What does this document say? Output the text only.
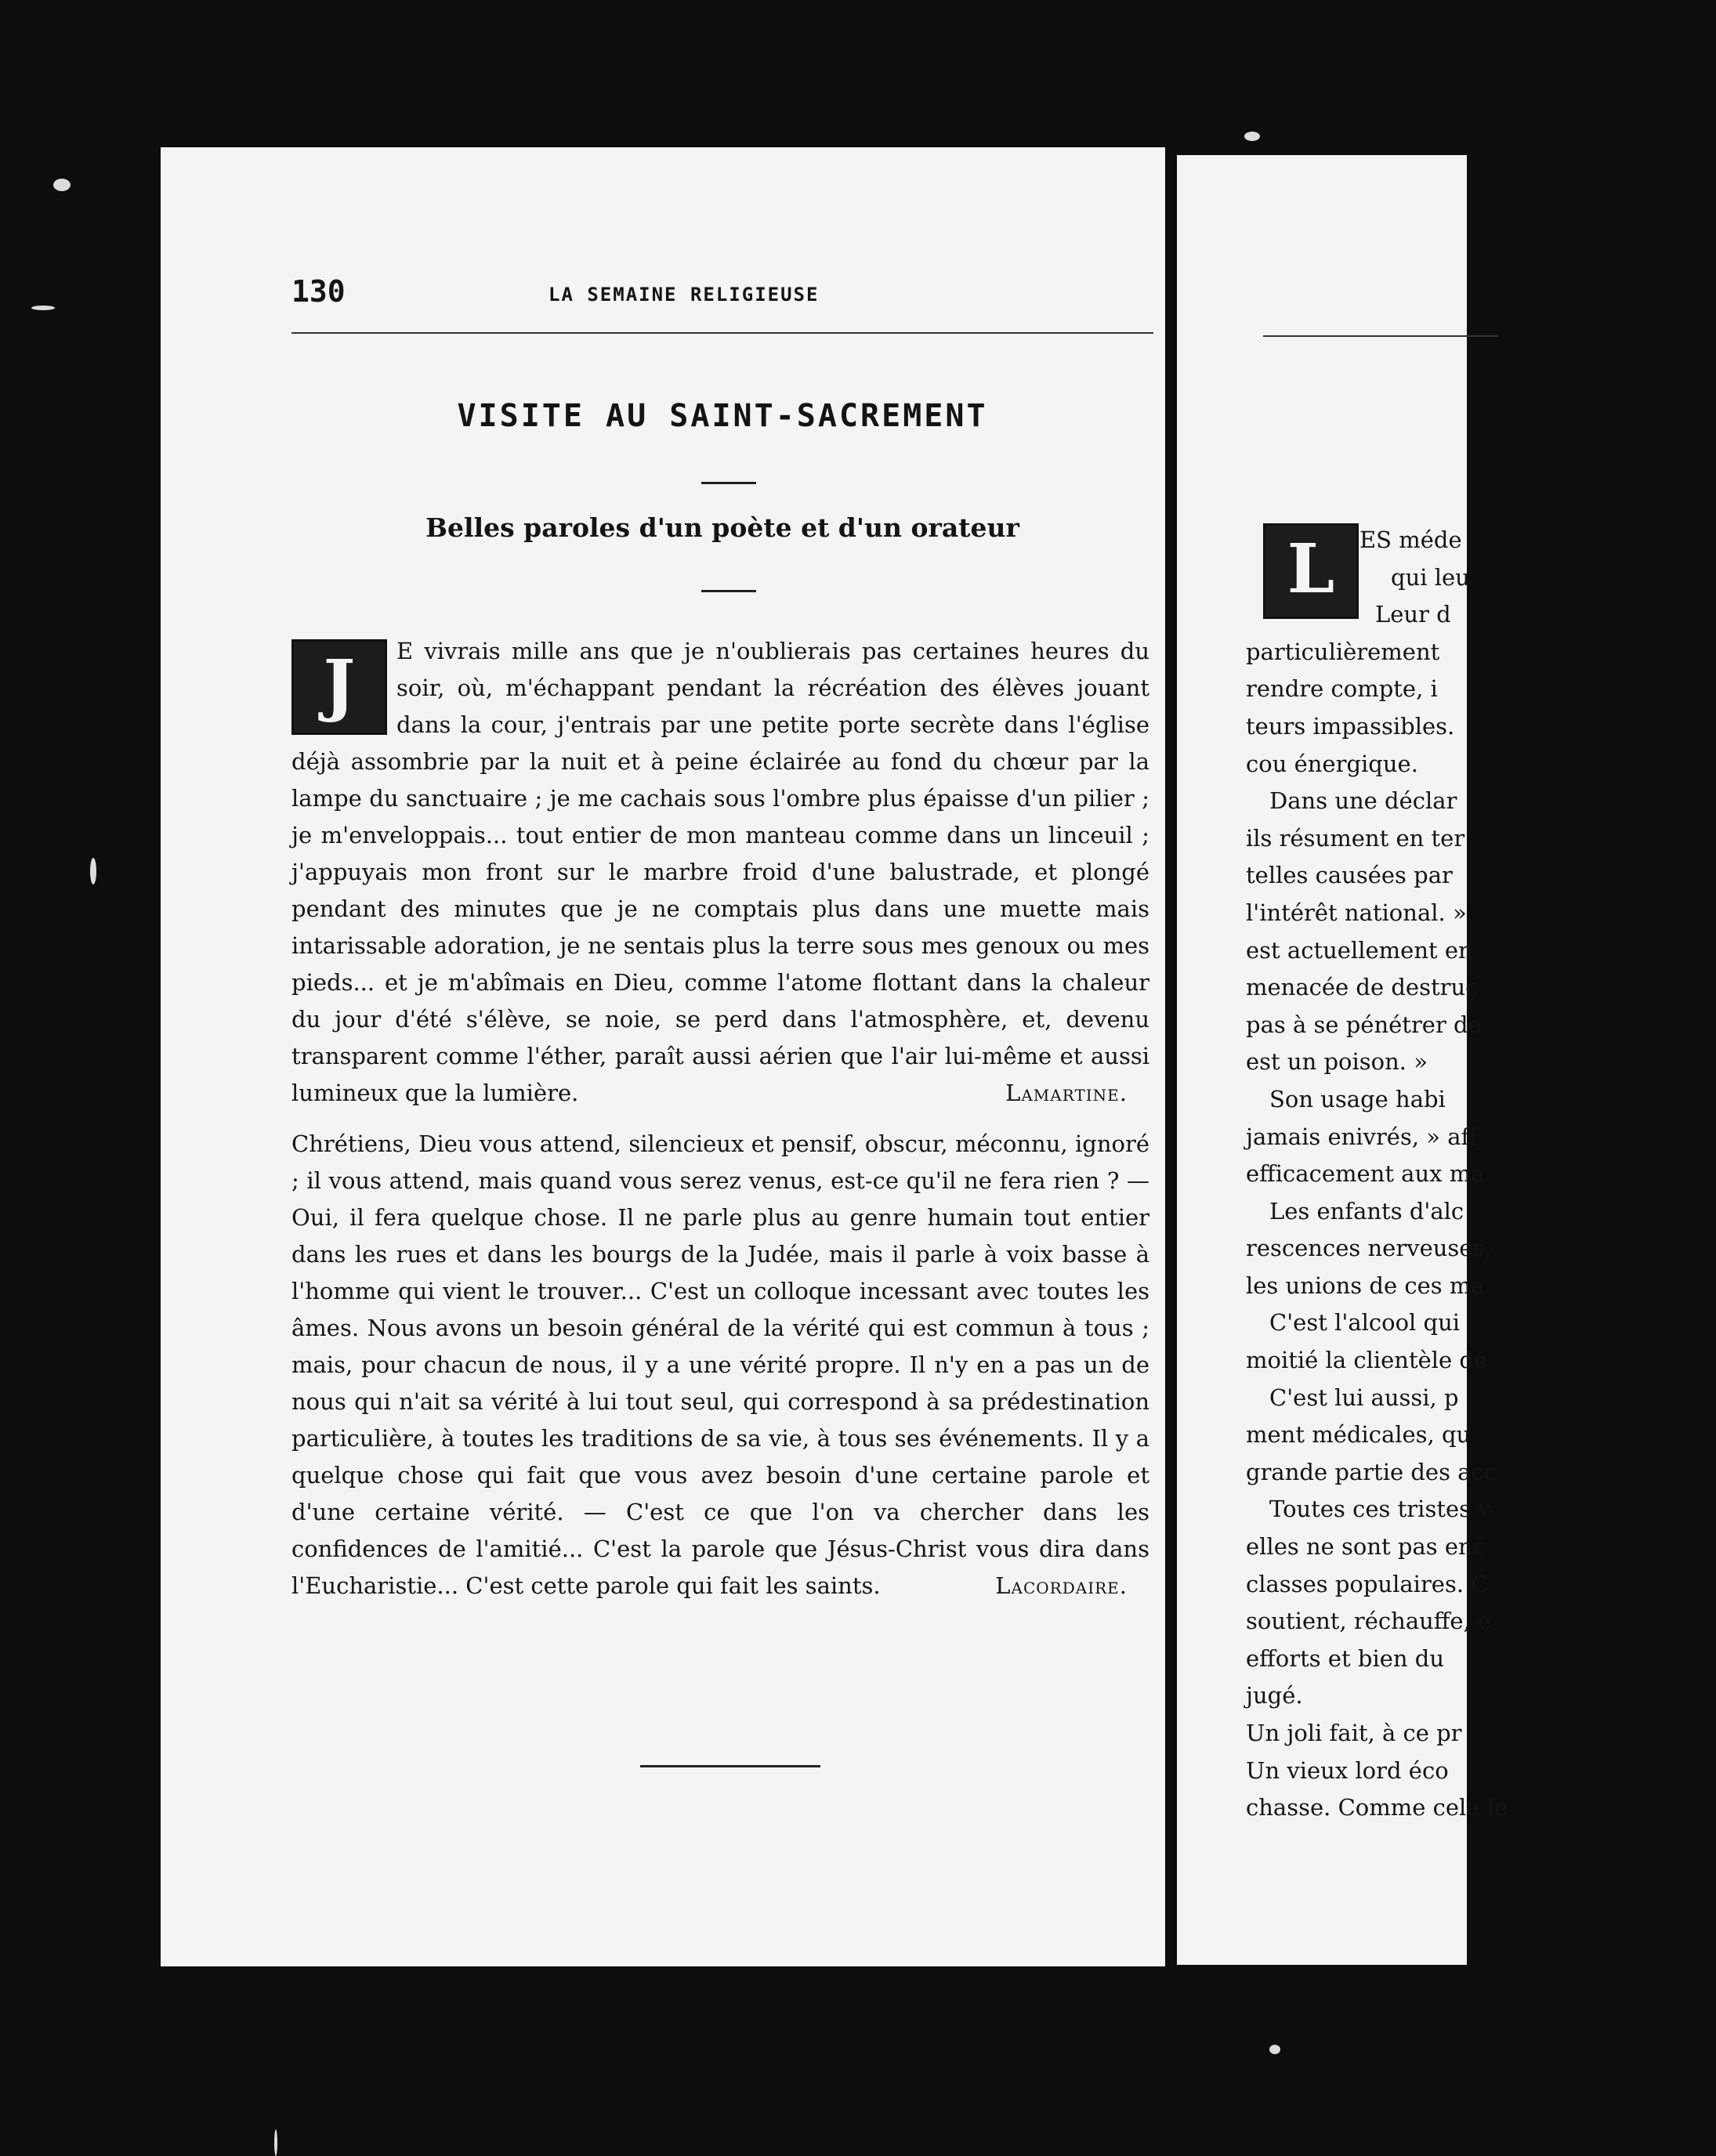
130	LA SEMAINE RELIGIEUSE
VISITE AU SAINT-SACREMENT
Belles paroles d'un poète et d'un orateur

J	E vivrais mille ans que je n'oublierais pas certaines heures du soir, où, m'échappant pendant la récréation des élèves jouant dans la cour, j'entrais par une petite porte secrète dans l'église déjà assombrie par la nuit et à peine éclairée au fond du chœur par la lampe du sanctuaire ; je me cachais sous l'ombre plus épaisse d'un pilier ; je m'enveloppais... tout entier de mon manteau comme dans un linceuil ; j'appuyais mon front sur le marbre froid d'une balustrade, et plongé pendant des minutes que je ne comptais plus dans une muette mais intarissable adoration, je ne sentais plus la terre sous mes genoux ou mes pieds... et je m'abîmais en Dieu, comme l'atome flottant dans la chaleur du jour d'été s'élève, se noie, se perd dans l'atmosphère, et, devenu transparent comme l'éther, paraît aussi aérien que l'air lui-même et aussi lumineux que la lumière.	Lamartine.

Chrétiens, Dieu vous attend, silencieux et pensif, obscur, méconnu, ignoré ; il vous attend, mais quand vous serez venus, est-ce qu'il ne fera rien ? — Oui, il fera quelque chose. Il ne parle plus au genre humain tout entier dans les rues et dans les bourgs de la Judée, mais il parle à voix basse à l'homme qui vient le trouver... C'est un colloque incessant avec toutes les âmes. Nous avons un besoin général de la vérité qui est commun à tous ; mais, pour chacun de nous, il y a une vérité propre. Il n'y en a pas un de nous qui n'ait sa vérité à lui tout seul, qui correspond à sa prédestination particulière, à toutes les traditions de sa vie, à tous ses événements. Il y a quelque chose qui fait que vous avez besoin d'une certaine parole et d'une certaine vérité. — C'est ce que l'on va chercher dans les confidences de l'amitié... C'est la parole que Jésus-Christ vous dira dans l'Eucharistie... C'est cette parole qui fait les saints.	Lacordaire.

L	ES méde
qui leu
Leur d
particulièrement
rendre compte, i
teurs impassibles.
cou énergique.
Dans une déclar
ils résument en ter
telles causées par
l'intérêt national. »
est actuellement en
menacée de destruc
pas à se pénétrer de
est un poison. »
Son usage habi
jamais enivrés, » aff
efficacement aux ma
Les enfants d'alc
rescences nerveuses,
les unions de ces ma
C'est l'alcool qui
moitié la clientèle de
C'est lui aussi, p
ment médicales, qu
grande partie des acc
Toutes ces tristes v
elles ne sont pas enc
classes populaires. C
soutient, réchauffe, e
efforts et bien du
jugé.
Un joli fait, à ce pr
Un vieux lord éco
chasse. Comme cela le
